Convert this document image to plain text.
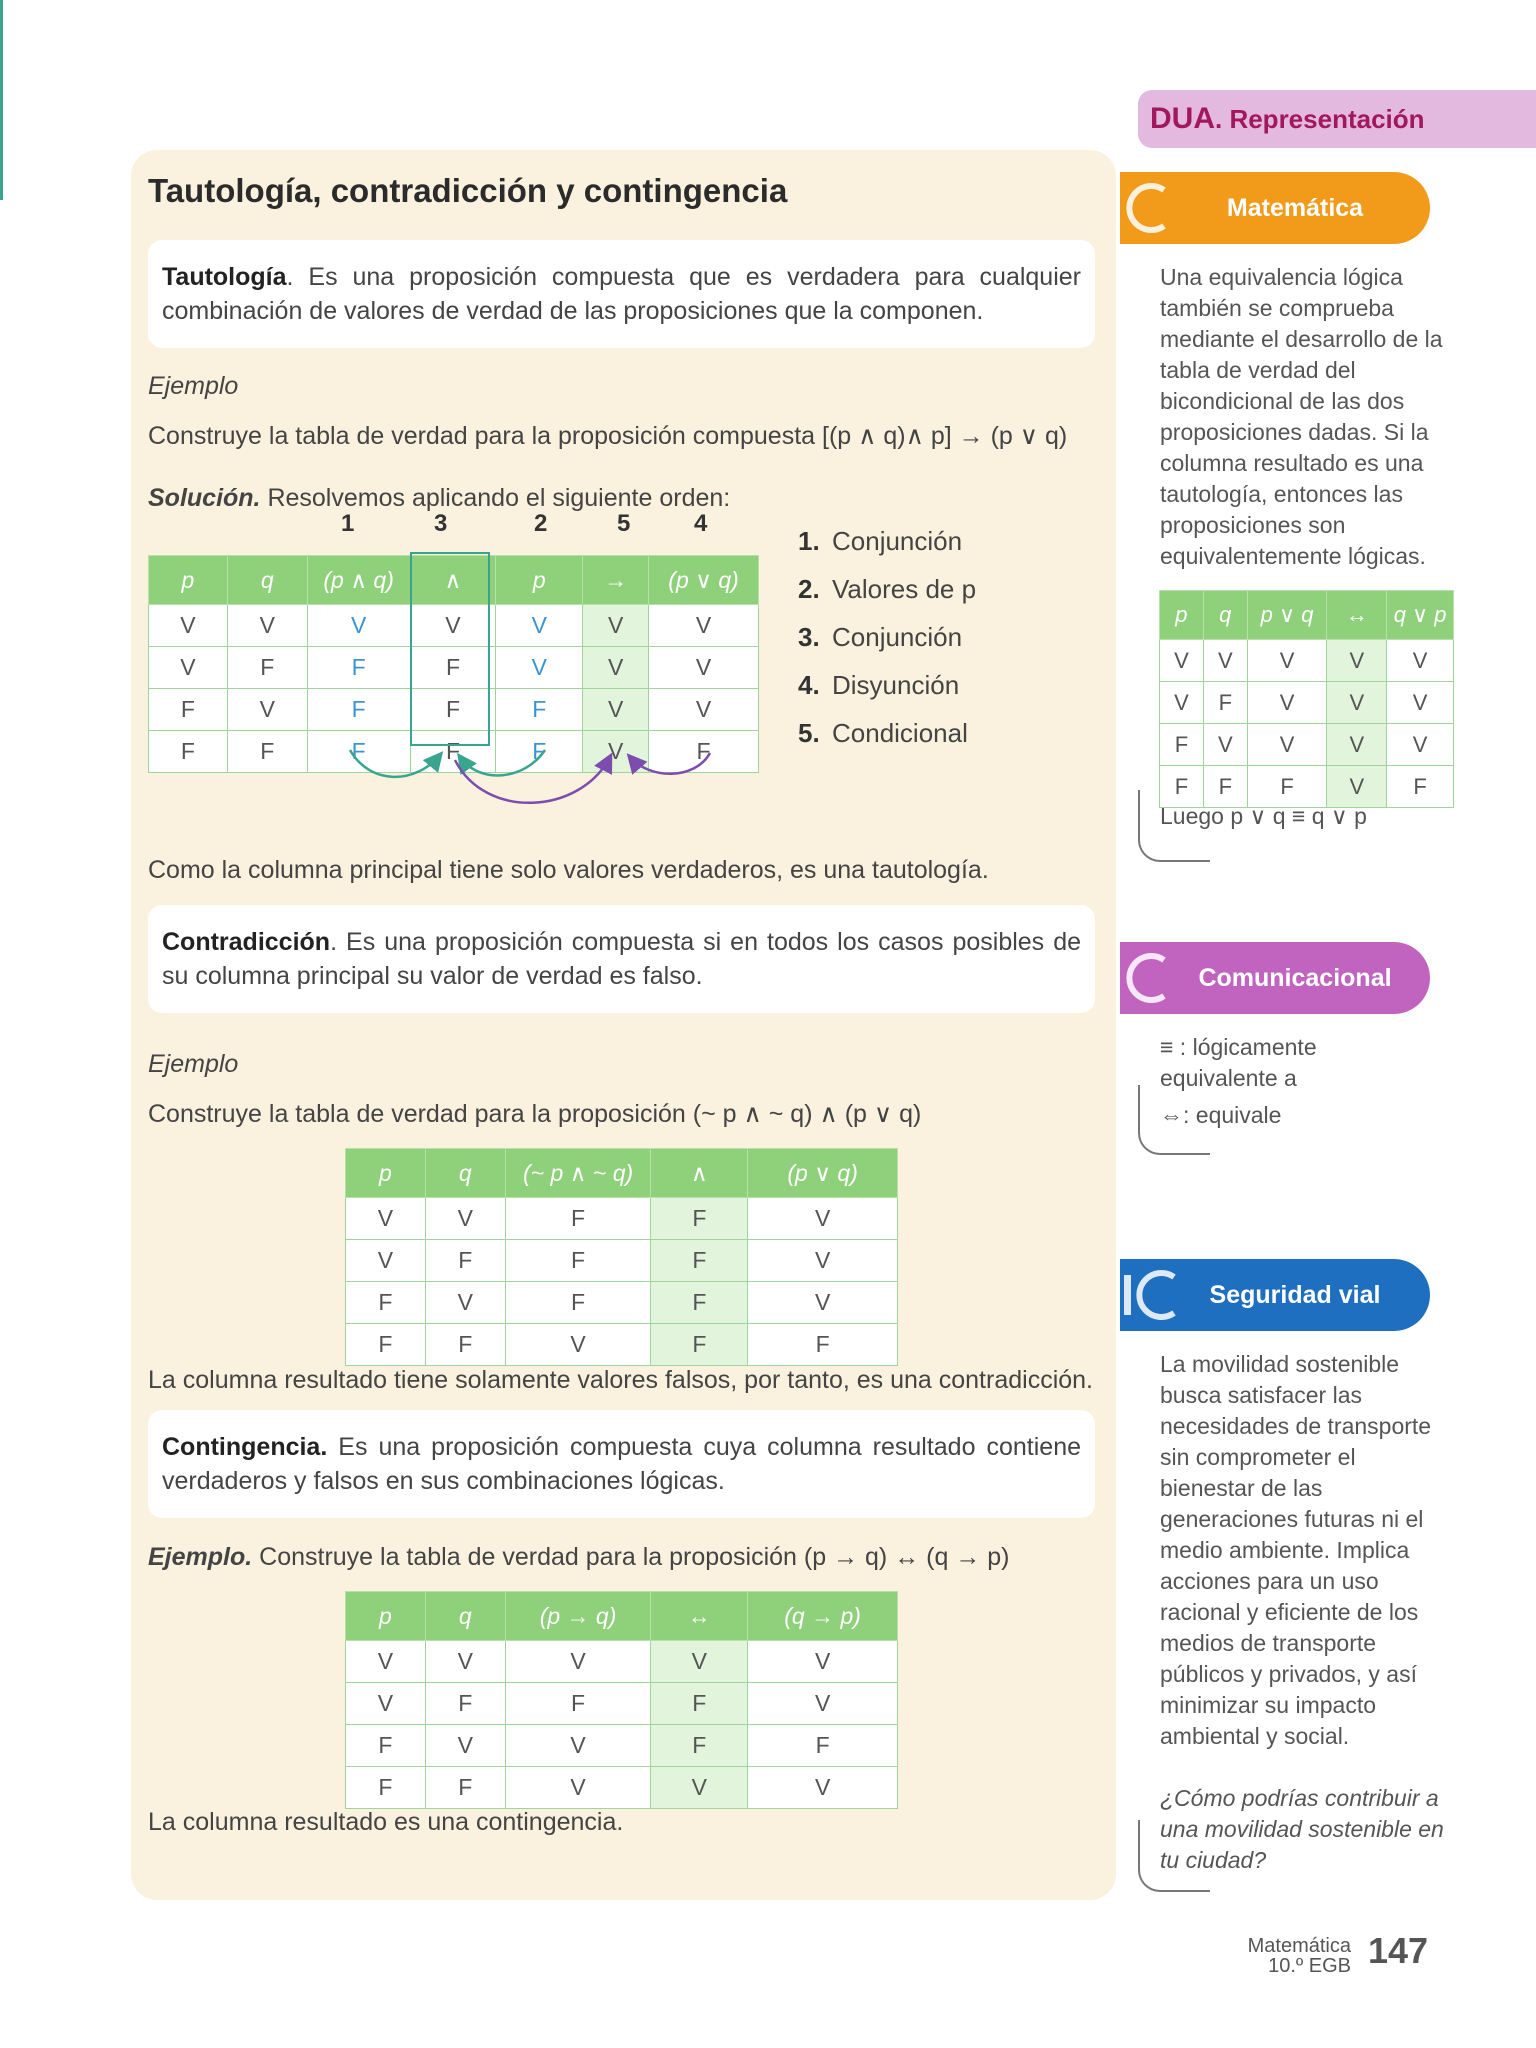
Tautología, contradicción y contingencia
Tautología. Es una proposición compuesta que es verdadera para cualquier combinación de valores de verdad de las proposiciones que la componen.
Ejemplo
Construye la tabla de verdad para la proposición compuesta [(p ∧ q)∧ p] → (p ∨ q)
Solución. Resolvemos aplicando el siguiente orden:
1	3	2	5	4
p	q	(p ∧ q)	∧	p	→	(p ∨ q)
V	V	V	V	V	V	V
V	F	F	F	V	V	V
F	V	F	F	F	V	V
F	F	F	F	F	V	F
1. Conjunción
2. Valores de p
3. Conjunción
4. Disyunción
5. Condicional
Como la columna principal tiene solo valores verdaderos, es una tautología.
Contradicción. Es una proposición compuesta si en todos los casos posibles de su columna principal su valor de verdad es falso.
Ejemplo
Construye la tabla de verdad para la proposición (~ p ∧ ~ q) ∧ (p ∨ q)
p	q	(~ p ∧ ~ q)	∧	(p ∨ q)
V	V	F	F	V
V	F	F	F	V
F	V	F	F	V
F	F	V	F	F
La columna resultado tiene solamente valores falsos, por tanto, es una contradicción.
Contingencia. Es una proposición compuesta cuya columna resultado contiene verdaderos y falsos en sus combinaciones lógicas.
Ejemplo. Construye la tabla de verdad para la proposición (p → q) ↔ (q → p)
p	q	(p → q)	↔	(q → p)
V	V	V	V	V
V	F	F	F	V
F	V	V	F	F
F	F	V	V	V
La columna resultado es una contingencia.
DUA. Representación
Matemática
Una equivalencia lógica también se comprueba mediante el desarrollo de la tabla de verdad del bicondicional de las dos proposiciones dadas. Si la columna resultado es una tautología, entonces las proposiciones son equivalentemente lógicas.
p	q	p ∨ q	↔	q ∨ p
V	V	V	V	V
V	F	V	V	V
F	V	V	V	V
F	F	F	V	F
Luego p ∨ q ≡ q ∨ p
Comunicacional
≡ : lógicamente equivalente a
⇔: equivale
Seguridad vial
La movilidad sostenible busca satisfacer las necesidades de transporte sin comprometer el bienestar de las generaciones futuras ni el medio ambiente. Implica acciones para un uso racional y eficiente de los medios de transporte públicos y privados, y así minimizar su impacto ambiental y social.
¿Cómo podrías contribuir a una movilidad sostenible en tu ciudad?
Matemática
10.º EGB 147
